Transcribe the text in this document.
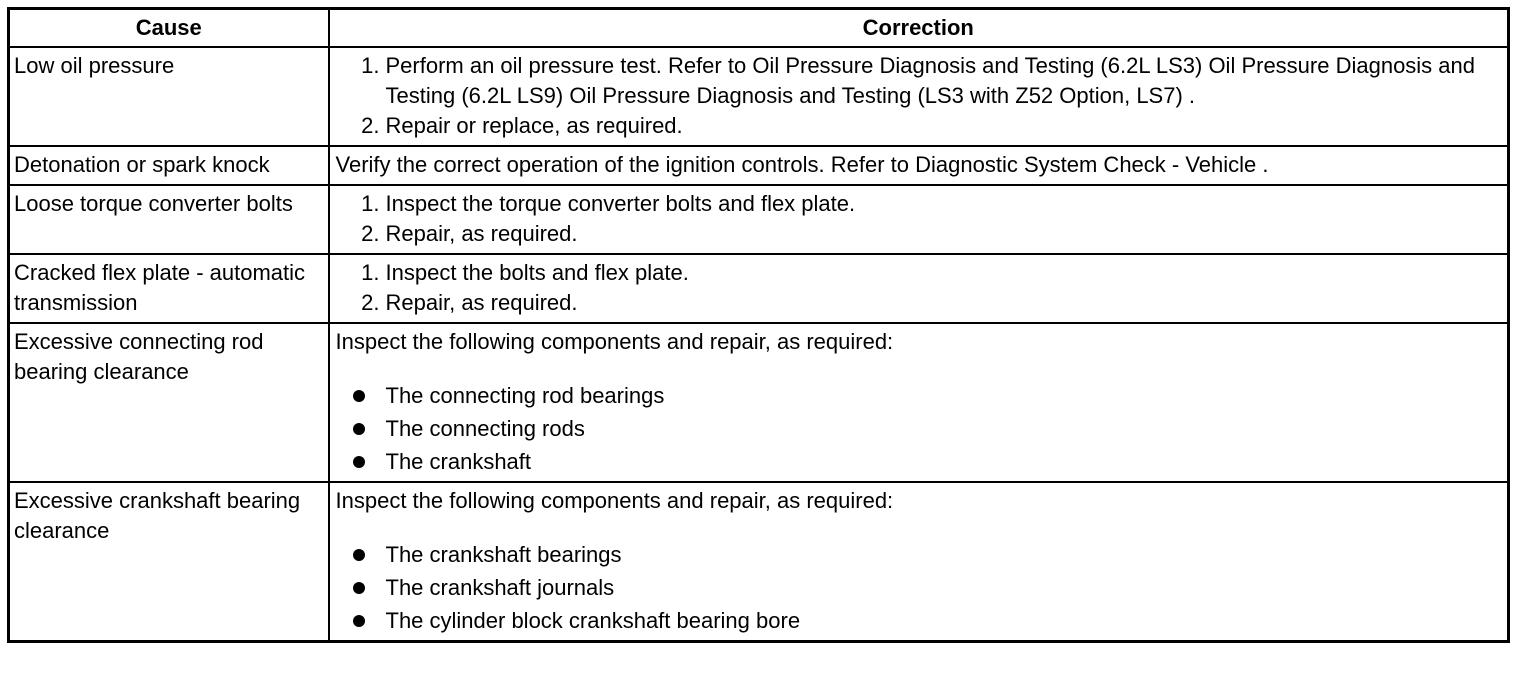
Cause	Correction
Low oil pressure	1. Perform an oil pressure test. Refer to Oil Pressure Diagnosis and Testing (6.2L LS3) Oil Pressure Diagnosis and Testing (6.2L LS9) Oil Pressure Diagnosis and Testing (LS3 with Z52 Option, LS7) .
2. Repair or replace, as required.

Detonation or spark knock	Verify the correct operation of the ignition controls. Refer to Diagnostic System Check - Vehicle .
Loose torque converter bolts	1. Inspect the torque converter bolts and flex plate.
2. Repair, as required.

Cracked flex plate - automatic transmission	1. Inspect the bolts and flex plate.
2. Repair, as required.

Excessive connecting rod bearing clearance	Inspect the following components and repair, as required:
The connecting rod bearings
The connecting rods
The crankshaft

Excessive crankshaft bearing clearance	Inspect the following components and repair, as required:
The crankshaft bearings
The crankshaft journals
The cylinder block crankshaft bearing bore
